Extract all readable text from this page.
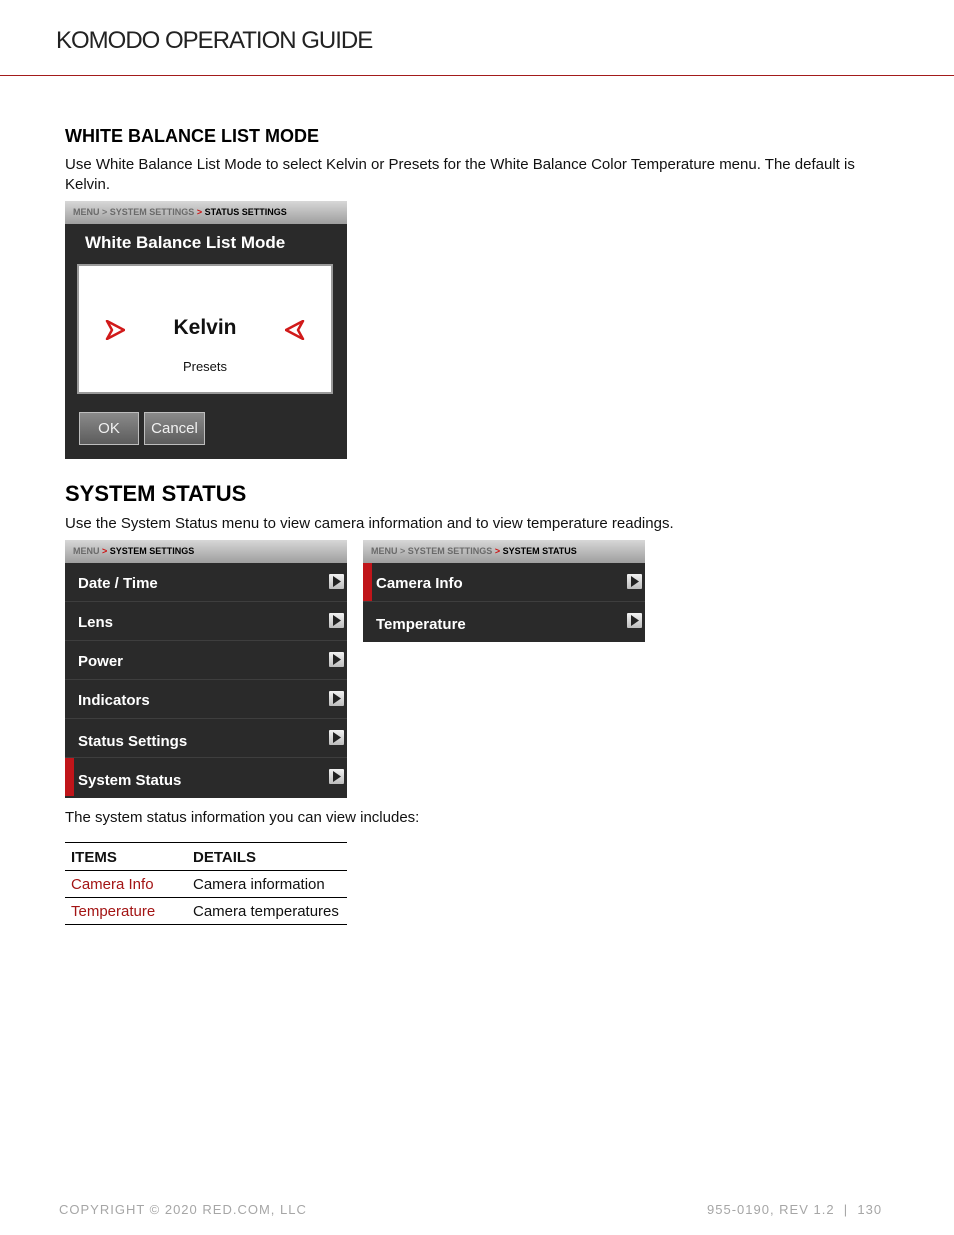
KOMODO OPERATION GUIDE
WHITE BALANCE LIST MODE
Use White Balance List Mode to select Kelvin or Presets for the White Balance Color Temperature menu. The default is Kelvin.
MENU > SYSTEM SETTINGS > STATUS SETTINGS
White Balance List Mode
Kelvin
Presets
OK	Cancel
SYSTEM STATUS
Use the System Status menu to view camera information and to view temperature readings.
MENU > SYSTEM SETTINGS
Date / Time
Lens
Power
Indicators
Status Settings
System Status
MENU > SYSTEM SETTINGS > SYSTEM STATUS
Camera Info
Temperature
The system status information you can view includes:
ITEMS	DETAILS
Camera Info	Camera information
Temperature	Camera temperatures
COPYRIGHT © 2020 RED.COM, LLC	955-0190, REV 1.2  |  130
